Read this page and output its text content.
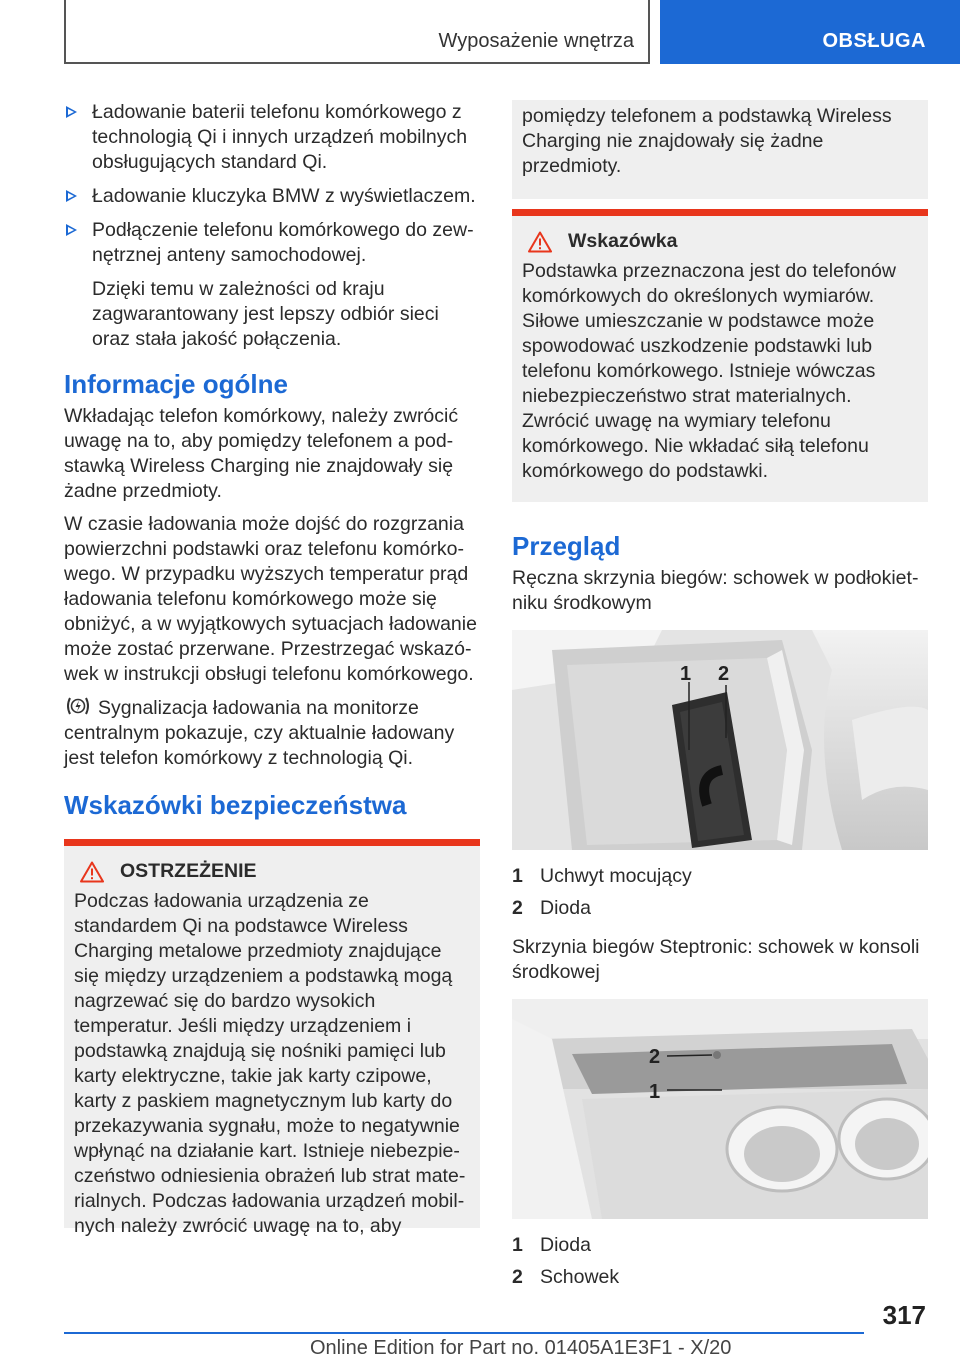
Wyposażenie wnętrza	OBSŁUGA
Ładowanie baterii telefonu komórkowego z technologią Qi i innych urządzeń mobilnych obsługujących standard Qi.
Ładowanie kluczyka BMW z wyświetlaczem.
Podłączenie telefonu komórkowego do zewnętrznej anteny samochodowej.

Dzięki temu w zależności od kraju zagwarantowany jest lepszy odbiór sieci oraz stała jakość połączenia.

Informacje ogólne

Wkładając telefon komórkowy, należy zwrócić uwagę na to, aby pomiędzy telefonem a podstawką Wireless Charging nie znajdowały się żadne przedmioty.

W czasie ładowania może dojść do rozgrzania powierzchni podstawki oraz telefonu komórkowego. W przypadku wyższych temperatur prąd ładowania telefonu komórkowego może się obniżyć, a w wyjątkowych sytuacjach ładowanie może zostać przerwane. Przestrzegać wskazówek w instrukcji obsługi telefonu komórkowego.

Sygnalizacja ładowania na monitorze centralnym pokazuje, czy aktualnie ładowany jest telefon komórkowy z technologią Qi.

Wskazówki bezpieczeństwa
OSTRZEŻENIE

Podczas ładowania urządzenia ze standardem Qi na podstawce Wireless Charging metalowe przedmioty znajdujące się między urządzeniem a podstawką mogą nagrzewać się do bardzo wysokich temperatur. Jeśli między urządzeniem i podstawką znajdują się nośniki pamięci lub karty elektryczne, takie jak karty czipowe, karty z paskiem magnetycznym lub karty do przekazywania sygnału, może to negatywnie wpłynąć na działanie kart. Istnieje niebezpieczeństwo odniesienia obrażeń lub strat materialnych. Podczas ładowania urządzeń mobilnych należy zwrócić uwagę na to, aby

pomiędzy telefonem a podstawką Wireless Charging nie znajdowały się żadne przedmioty.

Wskazówka

Podstawka przeznaczona jest do telefonów komórkowych do określonych wymiarów. Siłowe umieszczanie w podstawce może spowodować uszkodzenie podstawki lub telefonu komórkowego. Istnieje wówczas niebezpieczeństwo strat materialnych. Zwrócić uwagę na wymiary telefonu komórkowego. Nie wkładać siłą telefonu komórkowego do podstawki.

Przegląd

Ręczna skrzynia biegów: schowek w podłokietniku środkowym

1 2
1 Uchwyt mocujący
2 Dioda

Skrzynia biegów Steptronic: schowek w konsoli środkowej

2
1
1 Dioda
2 Schowek
317
Online Edition for Part no. 01405A1E3F1 - X/20
